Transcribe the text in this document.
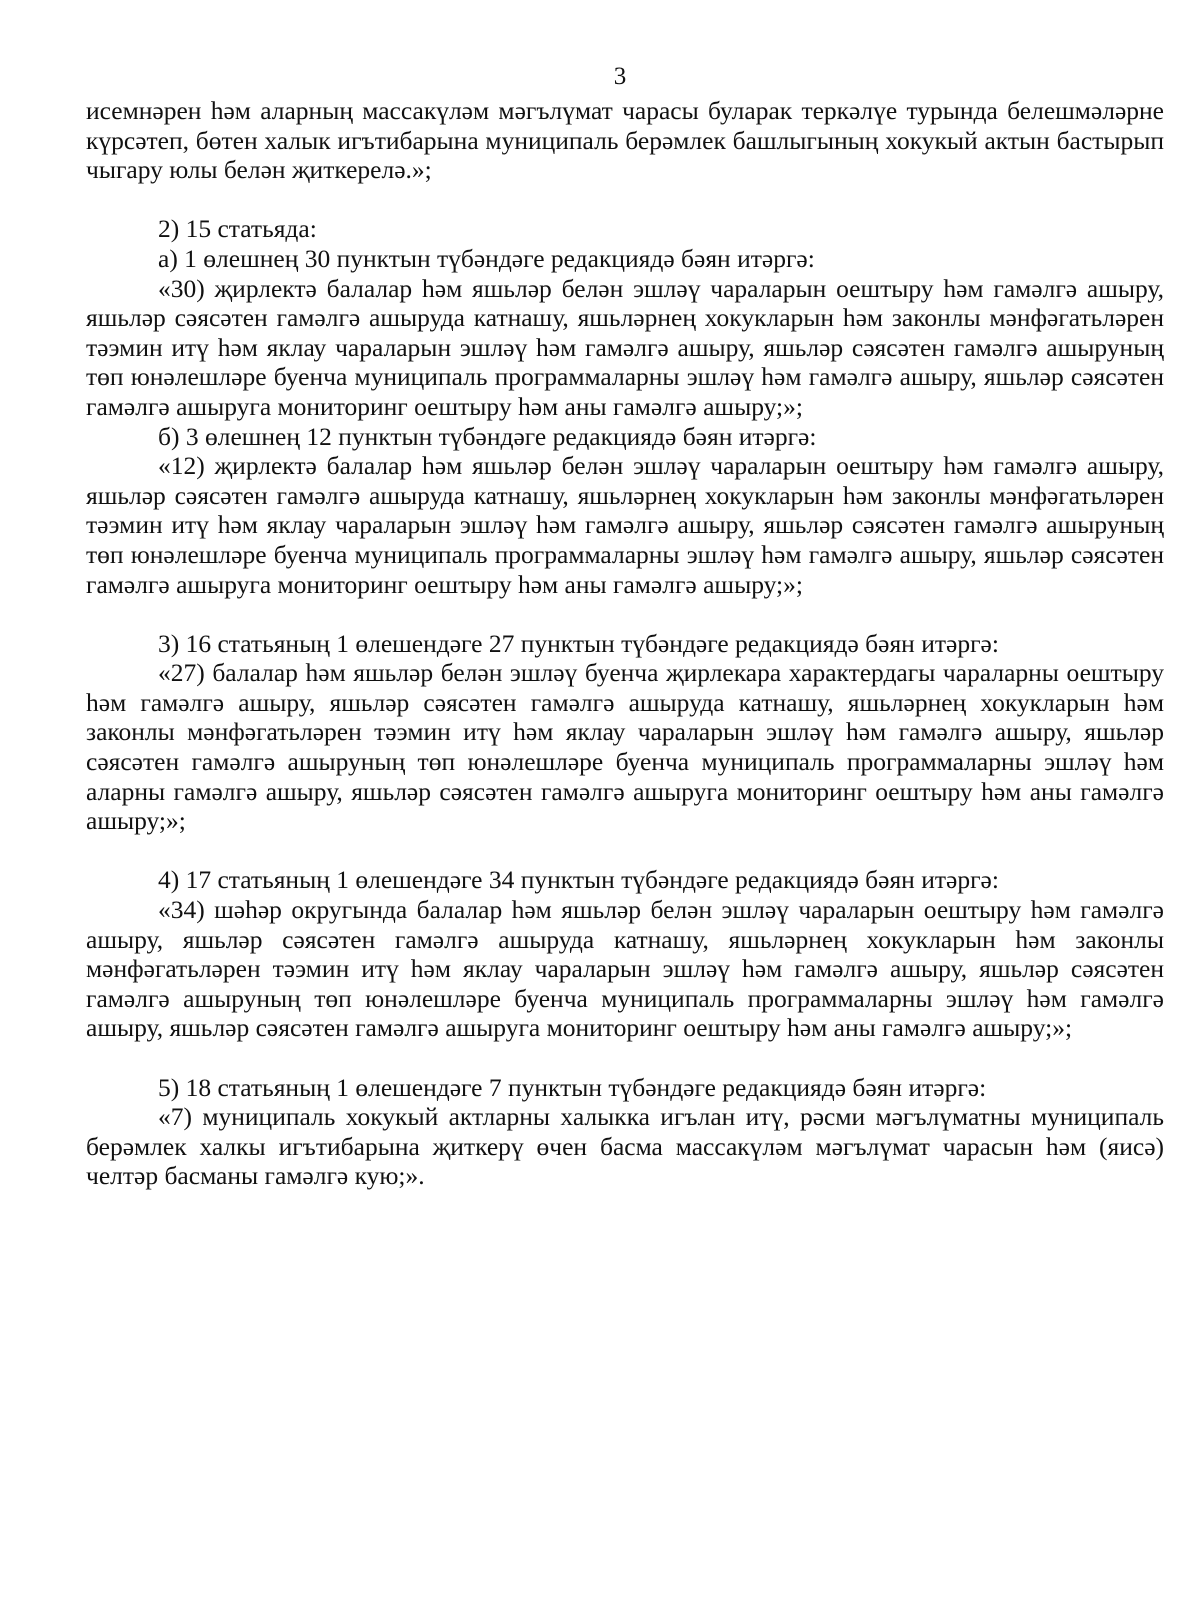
3

исемнәрен һәм аларның массакүләм мәгълүмат чарасы буларак теркәлүе турында белешмәләрне күрсәтеп, бөтен халык игътибарына муниципаль берәмлек башлыгының хокукый актын бастырып чыгару юлы белән җиткерелә.»;

2) 15 статьяда:

а) 1 өлешнең 30 пунктын түбәндәге редакциядә бәян итәргә:

«30) җирлектә балалар һәм яшьләр белән эшләү чараларын оештыру һәм гамәлгә ашыру, яшьләр сәясәтен гамәлгә ашыруда катнашу, яшьләрнең хокукларын һәм законлы мәнфәгатьләрен тәэмин итү һәм яклау чараларын эшләү һәм гамәлгә ашыру, яшьләр сәясәтен гамәлгә ашыруның төп юнәлешләре буенча муниципаль программаларны эшләү һәм гамәлгә ашыру, яшьләр сәясәтен гамәлгә ашыруга мониторинг оештыру һәм аны гамәлгә ашыру;»;

б) 3 өлешнең 12 пунктын түбәндәге редакциядә бәян итәргә:

«12) җирлектә балалар һәм яшьләр белән эшләү чараларын оештыру һәм гамәлгә ашыру, яшьләр сәясәтен гамәлгә ашыруда катнашу, яшьләрнең хокукларын һәм законлы мәнфәгатьләрен тәэмин итү һәм яклау чараларын эшләү һәм гамәлгә ашыру, яшьләр сәясәтен гамәлгә ашыруның төп юнәлешләре буенча муниципаль программаларны эшләү һәм гамәлгә ашыру, яшьләр сәясәтен гамәлгә ашыруга мониторинг оештыру һәм аны гамәлгә ашыру;»;

3) 16 статьяның 1 өлешендәге 27 пунктын түбәндәге редакциядә бәян итәргә:

«27) балалар һәм яшьләр белән эшләү буенча җирлекара характердагы чараларны оештыру һәм гамәлгә ашыру, яшьләр сәясәтен гамәлгә ашыруда катнашу, яшьләрнең хокукларын һәм законлы мәнфәгатьләрен тәэмин итү һәм яклау чараларын эшләү һәм гамәлгә ашыру, яшьләр сәясәтен гамәлгә ашыруның төп юнәлешләре буенча муниципаль программаларны эшләү һәм аларны гамәлгә ашыру, яшьләр сәясәтен гамәлгә ашыруга мониторинг оештыру һәм аны гамәлгә ашыру;»;

4) 17 статьяның 1 өлешендәге 34 пунктын түбәндәге редакциядә бәян итәргә:

«34) шәһәр округында балалар һәм яшьләр белән эшләү чараларын оештыру һәм гамәлгә ашыру, яшьләр сәясәтен гамәлгә ашыруда катнашу, яшьләрнең хокукларын һәм законлы мәнфәгатьләрен тәэмин итү һәм яклау чараларын эшләү һәм гамәлгә ашыру, яшьләр сәясәтен гамәлгә ашыруның төп юнәлешләре буенча муниципаль программаларны эшләү һәм гамәлгә ашыру, яшьләр сәясәтен гамәлгә ашыруга мониторинг оештыру һәм аны гамәлгә ашыру;»;

5) 18 статьяның 1 өлешендәге 7 пунктын түбәндәге редакциядә бәян итәргә:

«7) муниципаль хокукый актларны халыкка игълан итү, рәсми мәгълүматны муниципаль берәмлек халкы игътибарына җиткерү өчен басма массакүләм мәгълүмат чарасын һәм (яисә) челтәр басманы гамәлгә кую;».
